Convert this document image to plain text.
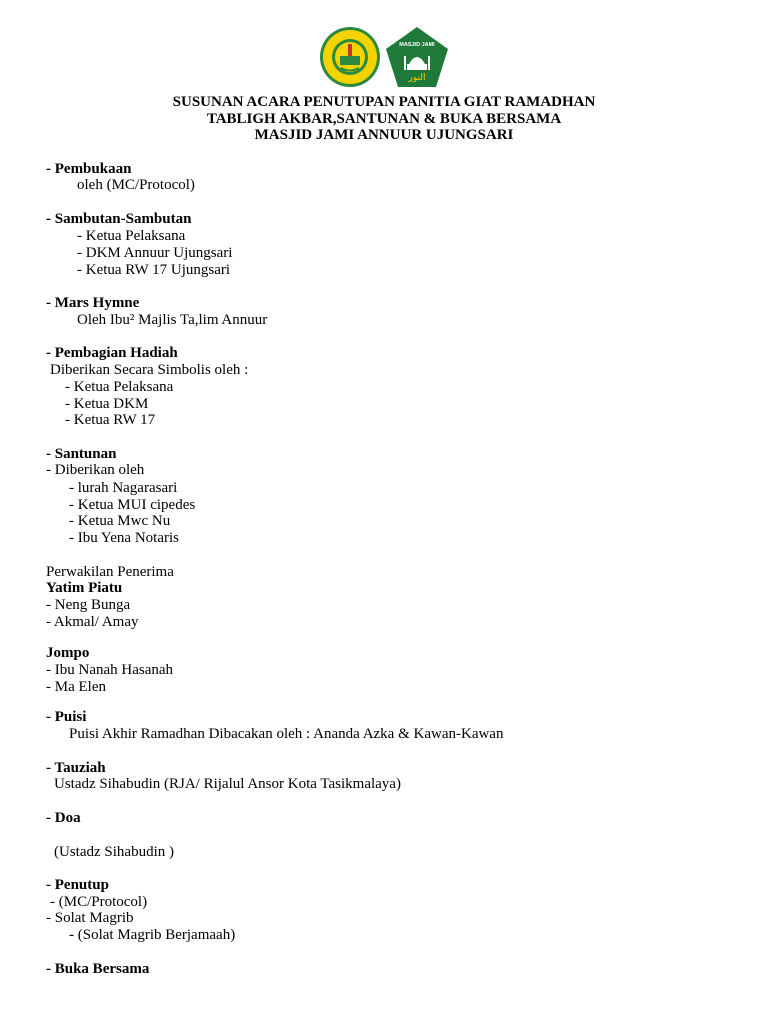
MASJID JAMI
النور
SUSUNAN ACARA PENUTUPAN PANITIA GIAT RAMADHAN
TABLIGH AKBAR,SANTUNAN & BUKA BERSAMA
MASJID JAMI ANNUUR UJUNGSARI
- Pembukaan
oleh (MC/Protocol)
- Sambutan-Sambutan
- Ketua Pelaksana
- DKM Annuur Ujungsari
- Ketua RW 17 Ujungsari
- Mars Hymne
Oleh Ibu² Majlis Ta,lim Annuur
- Pembagian Hadiah
Diberikan Secara Simbolis oleh :
- Ketua Pelaksana
- Ketua DKM
- Ketua RW 17
- Santunan
- Diberikan oleh
- lurah Nagarasari
- Ketua MUI cipedes
- Ketua Mwc Nu
- Ibu Yena Notaris
Perwakilan Penerima
Yatim Piatu
- Neng Bunga
- Akmal/ Amay
Jompo
- Ibu Nanah Hasanah
- Ma Elen
- Puisi
Puisi Akhir Ramadhan Dibacakan oleh : Ananda Azka & Kawan-Kawan
- Tauziah
Ustadz Sihabudin (RJA/ Rijalul Ansor Kota Tasikmalaya)
- Doa
(Ustadz Sihabudin )
- Penutup
- (MC/Protocol)
- Solat Magrib
- (Solat Magrib Berjamaah)
- Buka Bersama
